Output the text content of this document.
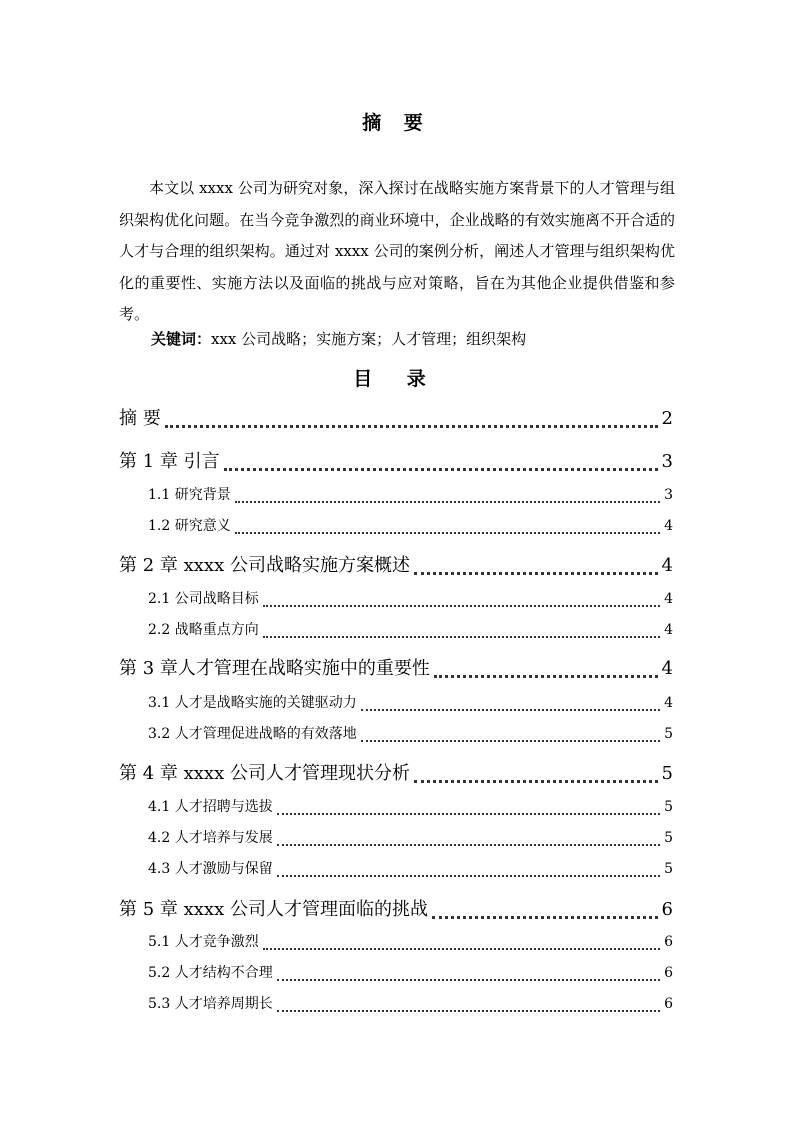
摘 要
本文以 xxxx 公司为研究对象，深入探讨在战略实施方案背景下的人才管理与组织架构优化问题。在当今竞争激烈的商业环境中，企业战略的有效实施离不开合适的人才与合理的组织架构。通过对 xxxx 公司的案例分析，阐述人才管理与组织架构优化的重要性、实施方法以及面临的挑战与应对策略，旨在为其他企业提供借鉴和参考。
关键词：xxx 公司战略；实施方案；人才管理；组织架构
目 录
摘 要	2
第 1 章 引言	3
1.1 研究背景	3
1.2 研究意义	4
第 2 章 xxxx 公司战略实施方案概述	4
2.1 公司战略目标	4
2.2 战略重点方向	4
第 3 章人才管理在战略实施中的重要性	4
3.1 人才是战略实施的关键驱动力	4
3.2 人才管理促进战略的有效落地	5
第 4 章 xxxx 公司人才管理现状分析	5
4.1 人才招聘与选拔	5
4.2 人才培养与发展	5
4.3 人才激励与保留	5
第 5 章 xxxx 公司人才管理面临的挑战	6
5.1 人才竞争激烈	6
5.2 人才结构不合理	6
5.3 人才培养周期长	6
